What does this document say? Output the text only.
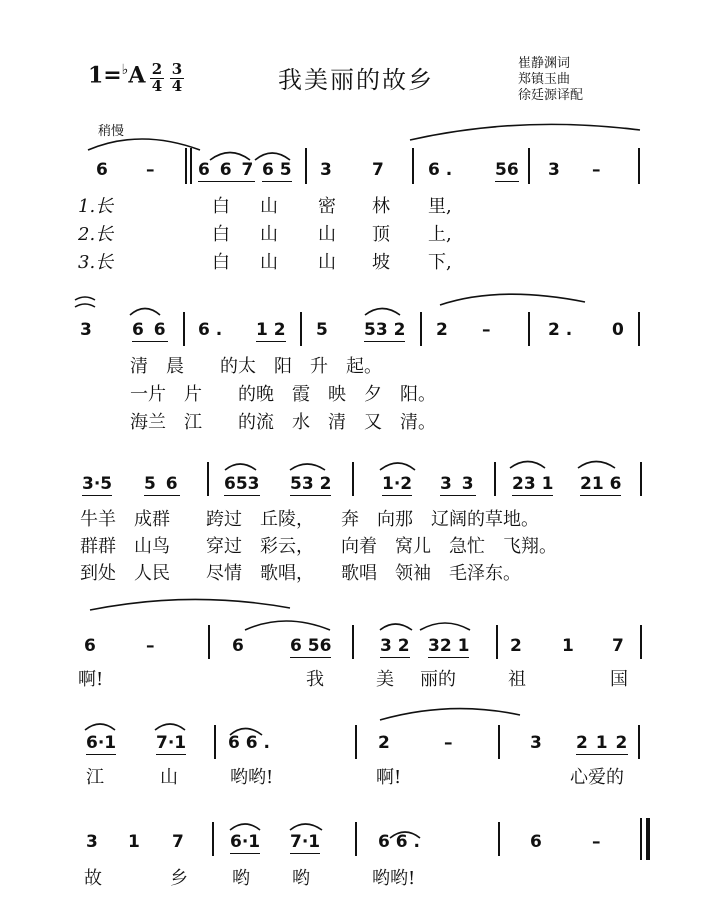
$1=^♭A \frac{2}{4} \frac{3}{4}$	我美丽的故乡
崔静渊词
郑镇玉曲
徐廷源译配
稍慢
6 –	6 6 7 6 5 3 7	6 .	56 3 –
1.长	白 山 密 林 里,
2.长	白 山 山 顶 上,
3.长	白 山 山 坡 下,
3 6 6 6 . 1 2 5 53 2 2 –	2 . 0
清　晨　　的太　阳　升　起。
一片　片　　的晚　霞　映　夕　阳。
海兰　江　　的流　水　清　又　清。
3·5 5 6	653 53 2	1·2 3 3 23 1 21 6
牛羊　成群　　跨过　丘陵，　　奔　向那　辽阔的草地。
群群　山鸟　　穿过　彩云，　　向着　窝儿　急忙　飞翔。
到处　人民　　尽情　歌唱，　　歌唱　领袖　毛泽东。
6	–	6	6 56	3 2 32 1 2 1 7
啊!	我	美 丽的	祖	国
6·1 7·1 6 6 .	2	–	3 2 1 2
江	山	哟哟!	啊!	心爱的
3 1 7	6·1 7·1	6 6 .	6	–
故	乡 哟 哟	哟哟!
